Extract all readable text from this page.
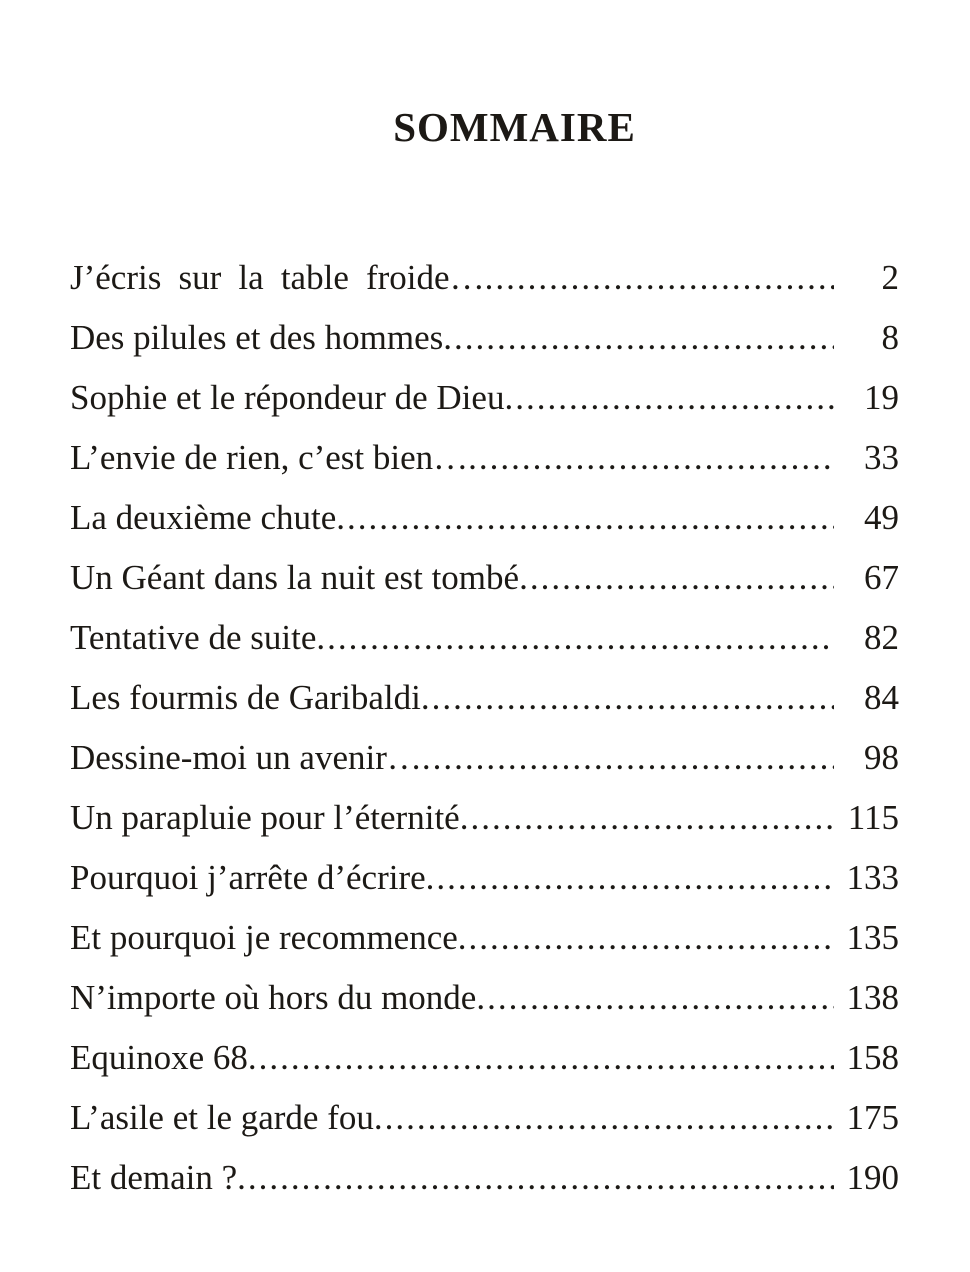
SOMMAIRE
J’écris sur la table froide… .....	2
Des pilules et des hommes .....	8
Sophie et le répondeur de Dieu .....	19
L’envie de rien, c’est bien… .....	33
La deuxième chute .....	49
Un Géant dans la nuit est tombé .....	67
Tentative de suite .....	82
Les fourmis de Garibaldi .....	84
Dessine-moi un avenir… .....	98
Un parapluie pour l’éternité .....	115
Pourquoi j’arrête d’écrire .....	133
Et pourquoi je recommence .....	135
N’importe où hors du monde .....	138
Equinoxe 68 .....	158
L’asile et le garde fou .....	175
Et demain ? .....	190
